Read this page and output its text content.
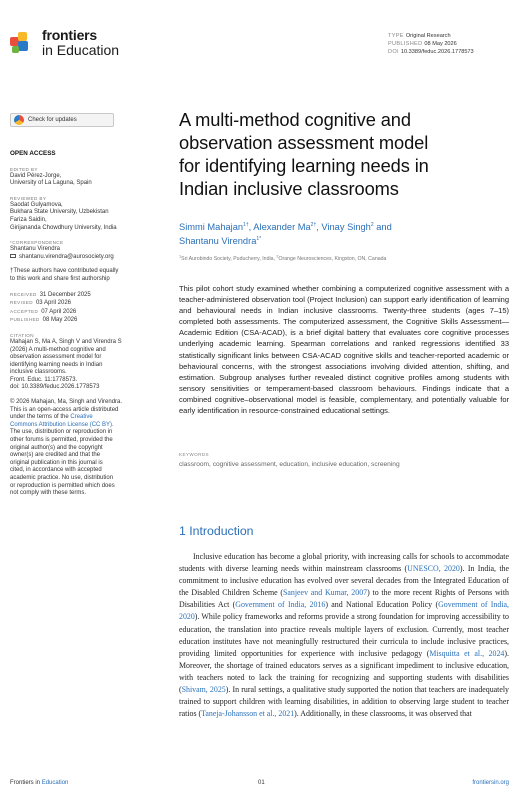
frontiers
in Education
TYPE Original Research
PUBLISHED 08 May 2026
DOI 10.3389/feduc.2026.1778573
Check for updates
OPEN ACCESS
EDITED BY
David Pérez-Jorge,
University of La Laguna, Spain
REVIEWED BY
Saodat Gulyamova,
Bukhara State University, Uzbekistan
Fariza Saidin,
Girijananda Chowdhury University, India
*CORRESPONDENCE
Shantanu Virendra
shantanu.virendra@aurosociety.org
†These authors have contributed equally
to this work and share first authorship
RECEIVED 31 December 2025
REVISED 03 April 2026
ACCEPTED 07 April 2026
PUBLISHED 08 May 2026
CITATION
Mahajan S, Ma A, Singh V and Virendra S
(2026) A multi-method cognitive and
observation assessment model for
identifying learning needs in Indian
inclusive classrooms.
Front. Educ. 11:1778573.
doi: 10.3389/feduc.2026.1778573
© 2026 Mahajan, Ma, Singh and Virendra.
This is an open-access article distributed
under the terms of the Creative
Commons Attribution License (CC BY).
The use, distribution or reproduction in
other forums is permitted, provided the
original author(s) and the copyright
owner(s) are credited and that the
original publication in this journal is
cited, in accordance with accepted
academic practice. No use, distribution
or reproduction is permitted which does
not comply with these terms.
A multi-method cognitive and
observation assessment model
for identifying learning needs in
Indian inclusive classrooms
Simmi Mahajan$^{1\dagger}$, Alexander $Ma^{2\dagger}$, Vinay Singh$^2$ and
Shantanu Virendra$^{1*}$
$^1$Sri Aurobindo Society, Puducherry, India, $^2$Orange Neurosciences, Kingston, ON, Canada
This pilot cohort study examined whether combining a computerized cognitive assessment with a teacher-administered observation tool (Project Inclusion) can support early identification of learning and behavioural needs in Indian inclusive classrooms. Twenty-three students (ages 7–15) completed both assessments. The computerized assessment, the Cognitive Skills Assessment—Academic Edition (CSA-ACAD), is a brief digital battery that evaluates core cognitive processes underlying academic learning. Spearman correlations and ranked regressions identified 33 statistically significant links between CSA-ACAD cognitive skills and teacher-reported academic or behavioural concerns, with the strongest associations involving divided attention, shifting, and estimation. Subgroup analyses further revealed distinct cognitive profiles among students with sensory sensitivities or temperament-based classroom behaviours. Findings indicate that a combined cognitive–observational model is feasible, complementary, and potentially valuable for early identification in resource-constrained educational settings.
KEYWORDS
classroom, cognitive assessment, education, inclusive education, screening
1 Introduction

Inclusive education has become a global priority, with increasing calls for schools to accommodate students with diverse learning needs within mainstream classrooms (UNESCO, 2020). In India, the commitment to inclusive education has evolved over several decades from the Integrated Education of the Disabled Children Scheme (Sanjeev and Kumar, 2007) to the more recent Rights of Persons with Disabilities Act (Government of India, 2016) and National Education Policy (Government of India, 2020). While policy frameworks and reforms provide a strong foundation for improving accessibility to education, the translation into practice reveals multiple layers of exclusion. Currently, most teacher education institutes have not meaningfully restructured their curricula to include inclusive practices, providing limited opportunities for experience with inclusive pedagogy (Misquitta et al., 2024). Moreover, the shortage of trained educators serves as a significant impediment to inclusive education, with teachers noted to lack the training for recognizing and supporting students with disabilities (Shivam, 2025). In rural settings, a qualitative study supported the notion that teachers are inadequately trained to support children with learning disabilities, in addition to observing large student to teacher ratios (Taneja-Johansson et al., 2021). Additionally, in these classrooms, it was observed that

Frontiers in Education	01	frontiersin.org
